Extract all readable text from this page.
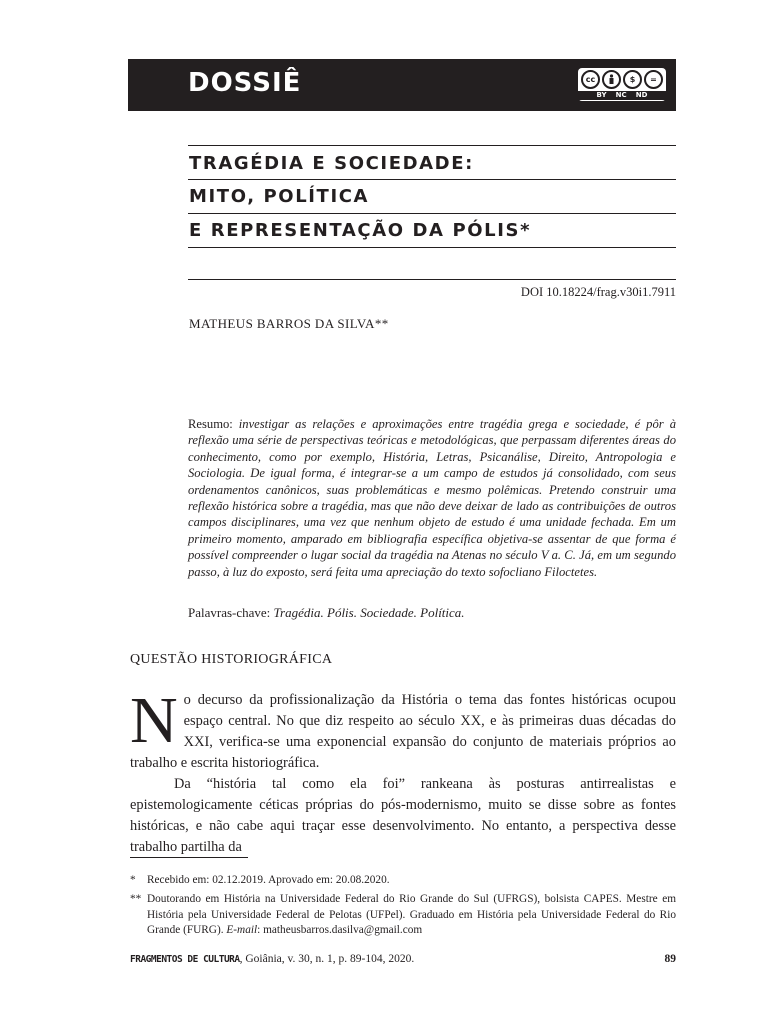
DOSSIÊ	cc	$	=
BY NC ND
TRAGÉDIA E SOCIEDADE:
MITO, POLÍTICA
E REPRESENTAÇÃO DA PÓLIS*
DOI 10.18224/frag.v30i1.7911
MATHEUS BARROS DA SILVA**
Resumo: investigar as relações e aproximações entre tragédia grega e sociedade, é pôr à reflexão uma série de perspectivas teóricas e metodológicas, que perpassam diferentes áreas do conhecimento, como por exemplo, História, Letras, Psicanálise, Direito, Antropologia e Sociologia. De igual forma, é integrar-se a um campo de estudos já consolidado, com seus ordenamentos canônicos, suas problemáticas e mesmo polêmicas. Pretendo construir uma reflexão histórica sobre a tragédia, mas que não deve deixar de lado as contribuições de outros campos disciplinares, uma vez que nenhum objeto de estudo é uma unidade fechada. Em um primeiro momento, amparado em bibliografia específica objetiva-se assentar de que forma é possível compreender o lugar social da tragédia na Atenas no século V a. C. Já, em um segundo passo, à luz do exposto, será feita uma apreciação do texto sofocliano Filoctetes.
Palavras-chave: Tragédia. Pólis. Sociedade. Política.
QUESTÃO HISTORIOGRÁFICA

No decurso da profissionalização da História o tema das fontes históricas ocupou espaço central. No que diz respeito ao século XX, e às primeiras duas décadas do XXI, verifica-se uma exponencial expansão do conjunto de materiais próprios ao trabalho e escrita historiográfica.

Da “história tal como ela foi” rankeana às posturas antirrealistas e epistemologicamente céticas próprias do pós-modernismo, muito se disse sobre as fontes históricas, e não cabe aqui traçar esse desenvolvimento. No entanto, a perspectiva desse trabalho partilha da

* Recebido em: 02.12.2019. Aprovado em: 20.08.2020.
** Doutorando em História na Universidade Federal do Rio Grande do Sul (UFRGS), bolsista CAPES. Mestre em História pela Universidade Federal de Pelotas (UFPel). Graduado em História pela Universidade Federal do Rio Grande (FURG). E-mail: matheusbarros.dasilva@gmail.com
FRAGMENTOS DE CULTURA, Goiânia, v. 30, n. 1, p. 89-104, 2020.	89
